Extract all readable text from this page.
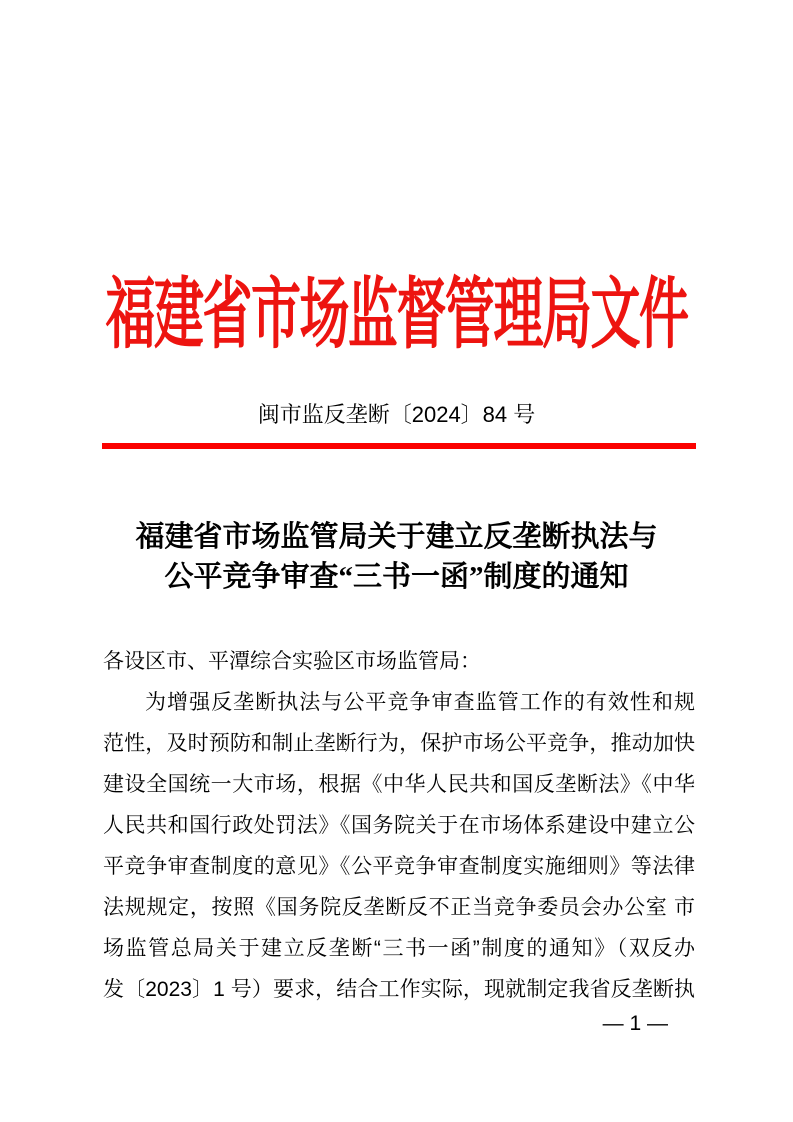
福建省市场监督管理局文件
闽市监反垄断〔2024〕84 号
福建省市场监管局关于建立反垄断执法与
公平竞争审查“三书一函”制度的通知
各设区市、平潭综合实验区市场监管局：
为增强反垄断执法与公平竞争审查监管工作的有效性和规
范性，及时预防和制止垄断行为，保护市场公平竞争，推动加快
建设全国统一大市场，根据《中华人民共和国反垄断法》《中华
人民共和国行政处罚法》《国务院关于在市场体系建设中建立公
平竞争审查制度的意见》《公平竞争审查制度实施细则》等法律
法规规定，按照《国务院反垄断反不正当竞争委员会办公室 市
场监管总局关于建立反垄断“三书一函”制度的通知》（双反办
发〔2023〕1 号）要求，结合工作实际，现就制定我省反垄断执
— 1 —
